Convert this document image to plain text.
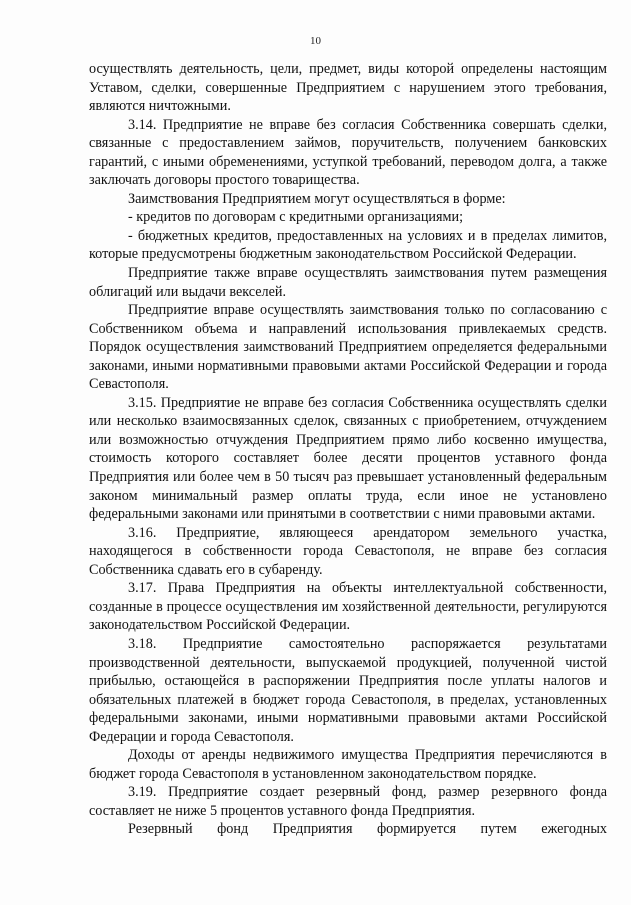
10

осуществлять деятельность, цели, предмет, виды которой определены настоящим Уставом, сделки, совершенные Предприятием с нарушением этого требования, являются ничтожными.

3.14. Предприятие не вправе без согласия Собственника совершать сделки, связанные с предоставлением займов, поручительств, получением банковских гарантий, с иными обременениями, уступкой требований, переводом долга, а также заключать договоры простого товарищества.

Заимствования Предприятием могут осуществляться в форме:

- кредитов по договорам с кредитными организациями;

- бюджетных кредитов, предоставленных на условиях и в пределах лимитов, которые предусмотрены бюджетным законодательством Российской Федерации.

Предприятие также вправе осуществлять заимствования путем размещения облигаций или выдачи векселей.

Предприятие вправе осуществлять заимствования только по согласованию с Собственником объема и направлений использования привлекаемых средств. Порядок осуществления заимствований Предприятием определяется федеральными законами, иными нормативными правовыми актами Российской Федерации и города Севастополя.

3.15. Предприятие не вправе без согласия Собственника осуществлять сделки или несколько взаимосвязанных сделок, связанных с приобретением, отчуждением или возможностью отчуждения Предприятием прямо либо косвенно имущества, стоимость которого составляет более десяти процентов уставного фонда Предприятия или более чем в 50 тысяч раз превышает установленный федеральным законом минимальный размер оплаты труда, если иное не установлено федеральными законами или принятыми в соответствии с ними правовыми актами.

3.16. Предприятие, являющееся арендатором земельного участка, находящегося в собственности города Севастополя, не вправе без согласия Собственника сдавать его в субаренду.

3.17. Права Предприятия на объекты интеллектуальной собственности, созданные в процессе осуществления им хозяйственной деятельности, регулируются законодательством Российской Федерации.

3.18. Предприятие самостоятельно распоряжается результатами производственной деятельности, выпускаемой продукцией, полученной чистой прибылью, остающейся в распоряжении Предприятия после уплаты налогов и обязательных платежей в бюджет города Севастополя, в пределах, установленных федеральными законами, иными нормативными правовыми актами Российской Федерации и города Севастополя.

Доходы от аренды недвижимого имущества Предприятия перечисляются в бюджет города Севастополя в установленном законодательством порядке.

3.19. Предприятие создает резервный фонд, размер резервного фонда составляет не ниже 5 процентов уставного фонда Предприятия.

Резервный фонд Предприятия формируется путем ежегодных
